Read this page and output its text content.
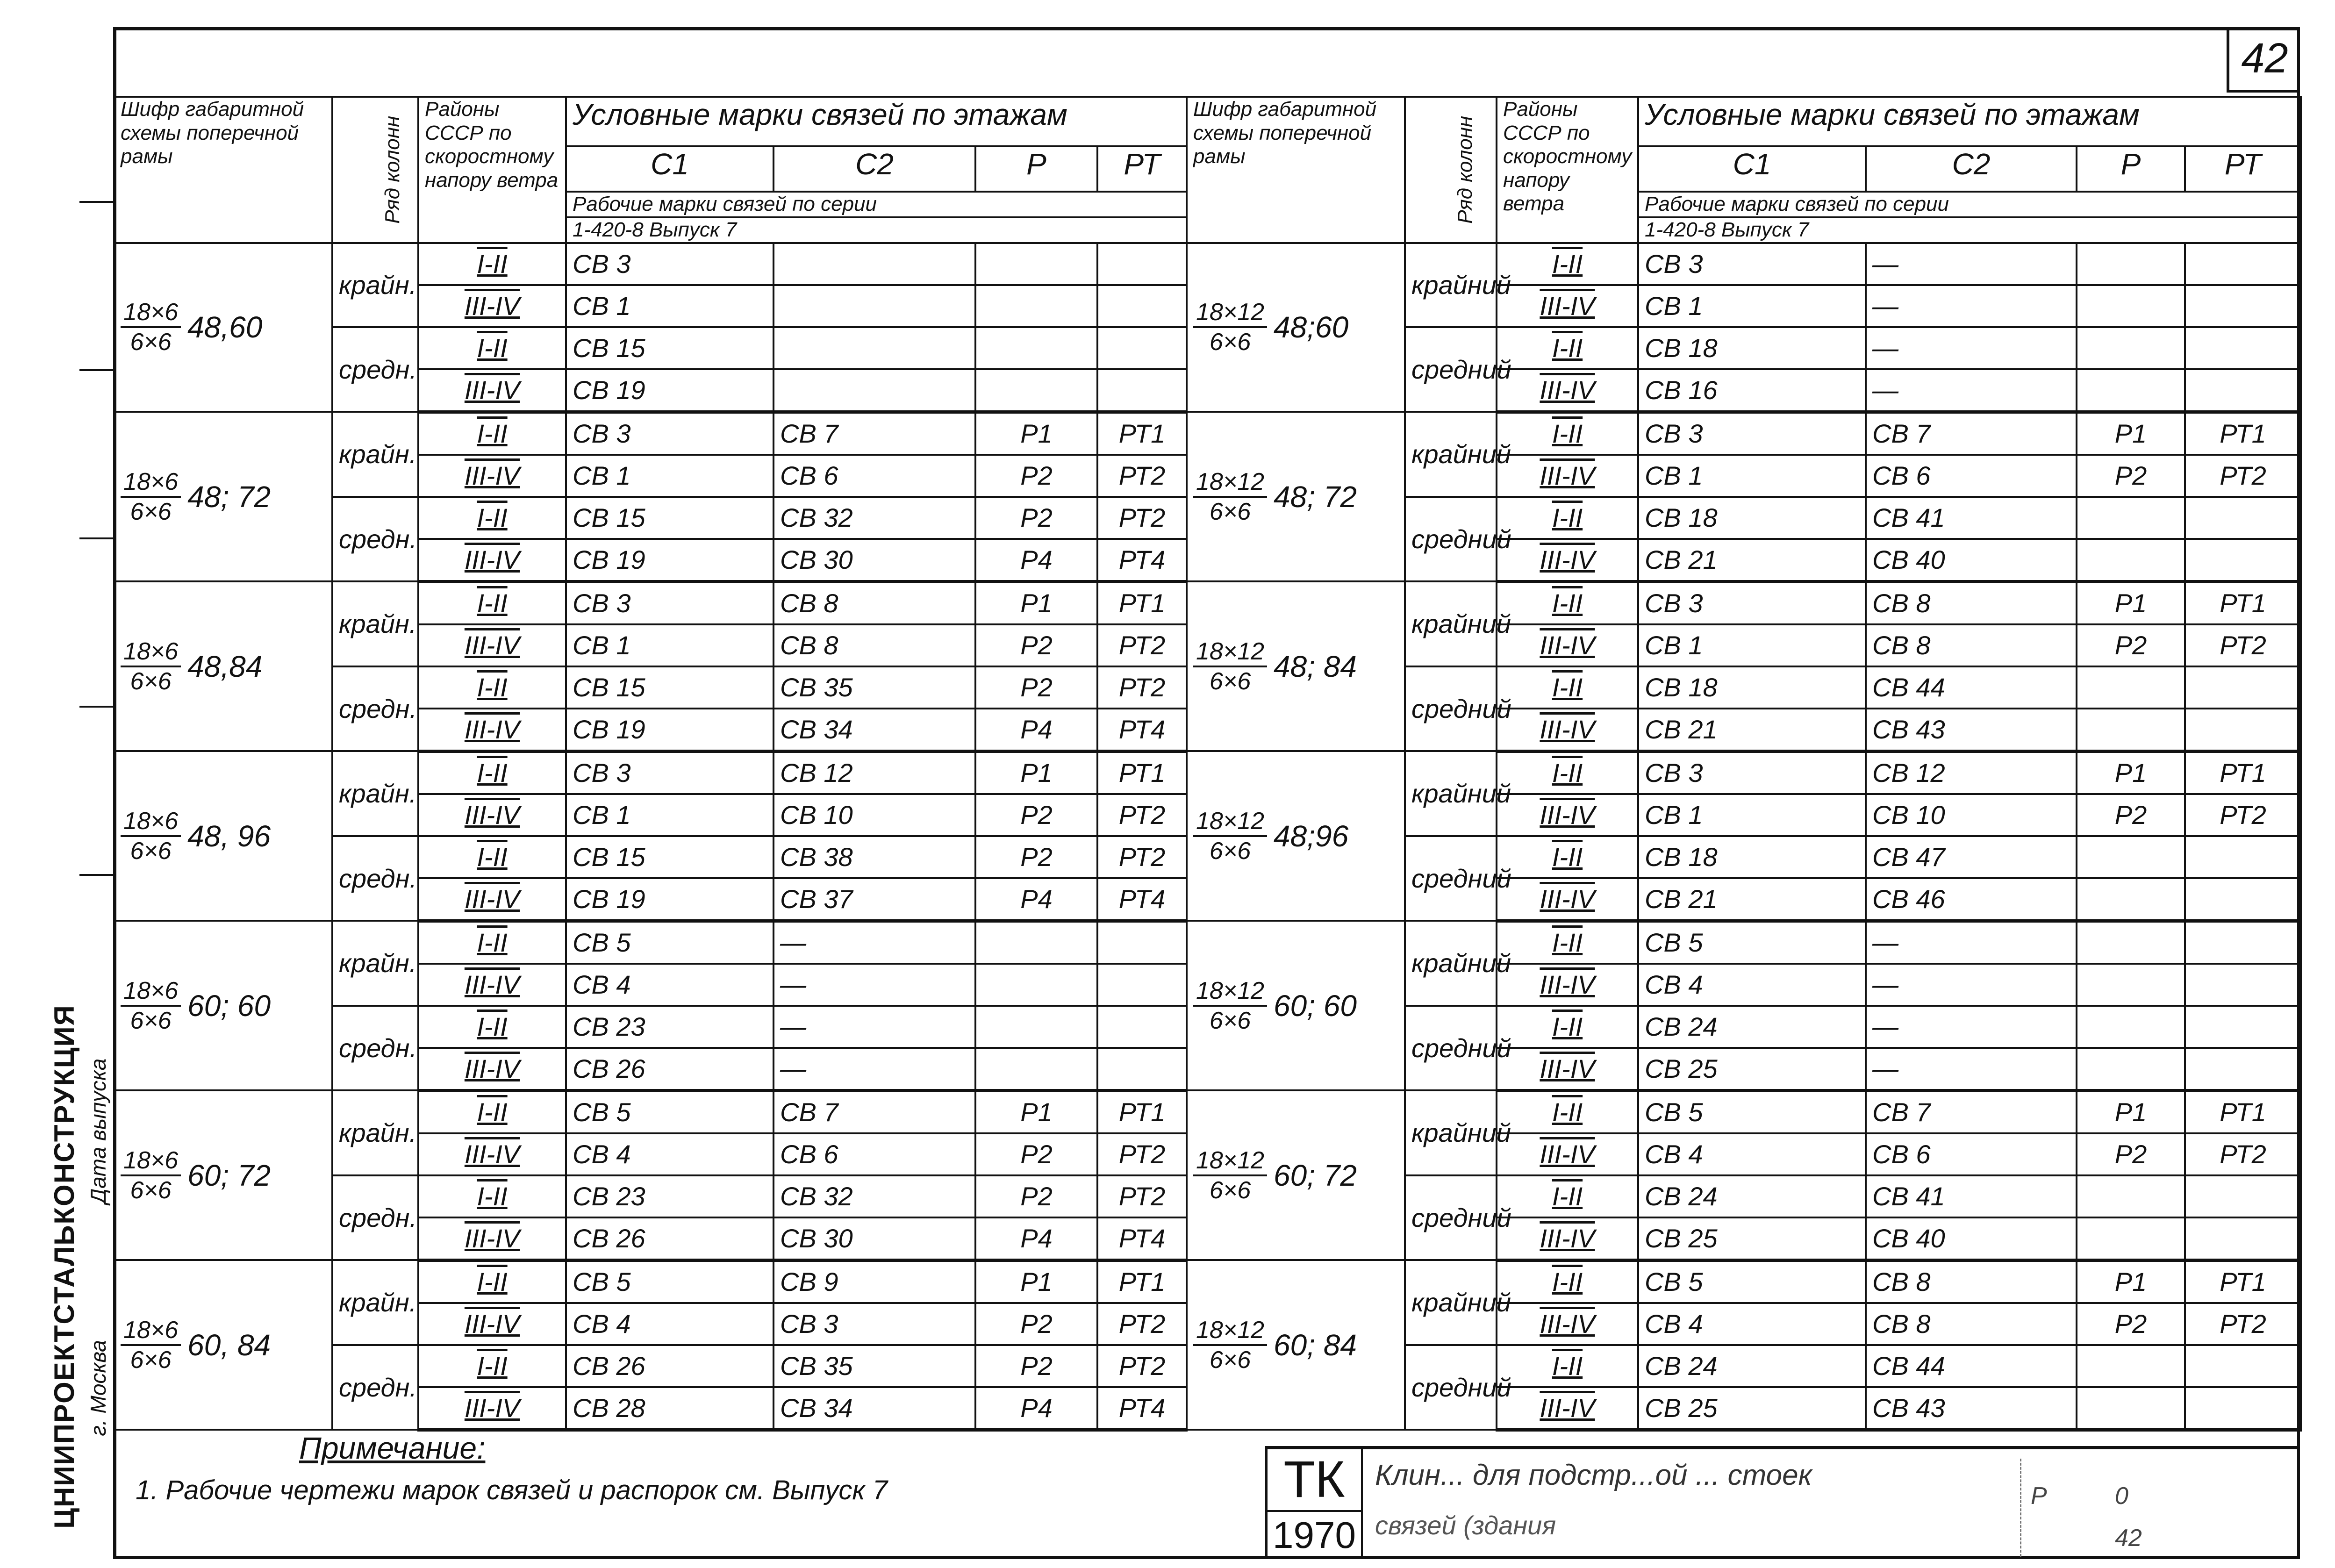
42
Шифр габаритной схемы поперечной рамы	Ряд колонн	Районы СССР по скоростному напору ветра	Условные марки связей по этажам			
			С1	С2	Р	РТ
			Рабочие марки связей по серии			
			1-420-8 Выпуск 7			

$\frac{18\times 6}{6\times 6} 48,60$	крайн.	I-II	СВ 3			
		III-IV	СВ 1			
	средн.	I-II	СВ 15			
		III-IV	СВ 19			

$\frac{18\times 6}{6\times 6} 48$; 72	крайн.	I-II	СВ 3	СВ 7	Р1	РТ1
		III-IV	СВ 1	СВ 6	Р2	РТ2
	средн.	I-II	СВ 15	СВ 32	Р2	РТ2
		III-IV	СВ 19	СВ 30	Р4	РТ4

$\frac{18\times 6}{6\times 6} 48,84$	крайн.	I-II	СВ 3	СВ 8	Р1	РТ1
		III-IV	СВ 1	СВ 8	Р2	РТ2
	средн.	I-II	СВ 15	СВ 35	Р2	РТ2
		III-IV	СВ 19	СВ 34	Р4	РТ4

$\frac{18\times 6}{6\times 6} 48$, 96	крайн.	I-II	СВ 3	СВ 12	Р1	РТ1
		III-IV	СВ 1	СВ 10	Р2	РТ2
	средн.	I-II	СВ 15	СВ 38	Р2	РТ2
		III-IV	СВ 19	СВ 37	Р4	РТ4

$\frac{18\times 6}{6\times 6} 60$; 60	крайн.	I-II	СВ 5	—		
		III-IV	СВ 4	—		
	средн.	I-II	СВ 23	—		
		III-IV	СВ 26	—		

$\frac{18\times 6}{6\times 6} 60$; 72	крайн.	I-II	СВ 5	СВ 7	Р1	РТ1
		III-IV	СВ 4	СВ 6	Р2	РТ2
	средн.	I-II	СВ 23	СВ 32	Р2	РТ2
		III-IV	СВ 26	СВ 30	Р4	РТ4

$\frac{18\times 6}{6\times 6} 60$, 84	крайн.	I-II	СВ 5	СВ 9	Р1	РТ1
		III-IV	СВ 4	СВ 3	Р2	РТ2
	средн.	I-II	СВ 26	СВ 35	Р2	РТ2
		III-IV	СВ 28	СВ 34	Р4	РТ4
Шифр габаритной схемы поперечной рамы	Ряд колонн	Районы СССР по скоростному напору ветра	Условные марки связей по этажам			
			С1	С2	Р	РТ
			Рабочие марки связей по серии			
			1-420-8 Выпуск 7			

$\frac{18\times 12}{6\times 6}$ 48;60	крайний	I-II	СВ 3	—		
		III-IV	СВ 1	—		
	средний	I-II	СВ 18	—		
		III-IV	СВ 16	—		

$\frac{18\times 12}{6\times 6} 48$; 72	крайний	I-II	СВ 3	СВ 7	Р1	РТ1
		III-IV	СВ 1	СВ 6	Р2	РТ2
	средний	I-II	СВ 18	СВ 41		
		III-IV	СВ 21	СВ 40		

$\frac{18\times 12}{6\times 6} 48$; 84	крайний	I-II	СВ 3	СВ 8	Р1	РТ1
		III-IV	СВ 1	СВ 8	Р2	РТ2
	средний	I-II	СВ 18	СВ 44		
		III-IV	СВ 21	СВ 43		

$\frac{18\times 12}{6\times 6}$ 48;96	крайний	I-II	СВ 3	СВ 12	Р1	РТ1
		III-IV	СВ 1	СВ 10	Р2	РТ2
	средний	I-II	СВ 18	СВ 47		
		III-IV	СВ 21	СВ 46		

$\frac{18\times 12}{6\times 6} 60$; 60	крайний	I-II	СВ 5	—		
		III-IV	СВ 4	—		
	средний	I-II	СВ 24	—		
		III-IV	СВ 25	—		

$\frac{18\times 12}{6\times 6} 60$; 72	крайний	I-II	СВ 5	СВ 7	Р1	РТ1
		III-IV	СВ 4	СВ 6	Р2	РТ2
	средний	I-II	СВ 24	СВ 41		
		III-IV	СВ 25	СВ 40		

$\frac{18\times 12}{6\times 6} 60$; 84	крайний	I-II	СВ 5	СВ 8	Р1	РТ1
		III-IV	СВ 4	СВ 8	Р2	РТ2
	средний	I-II	СВ 24	СВ 44		
		III-IV	СВ 25	СВ 43		
Примечание:
1. Рабочие чертежи марок связей и распорок см. Выпуск 7	ТК
1970
Клин... для подстр...ой ... стоек
связей (здания
Р	0
42
ЦНИИПРОЕКТСТАЛЬКОНСТРУКЦИЯ г. Москва
Дата выпуска
